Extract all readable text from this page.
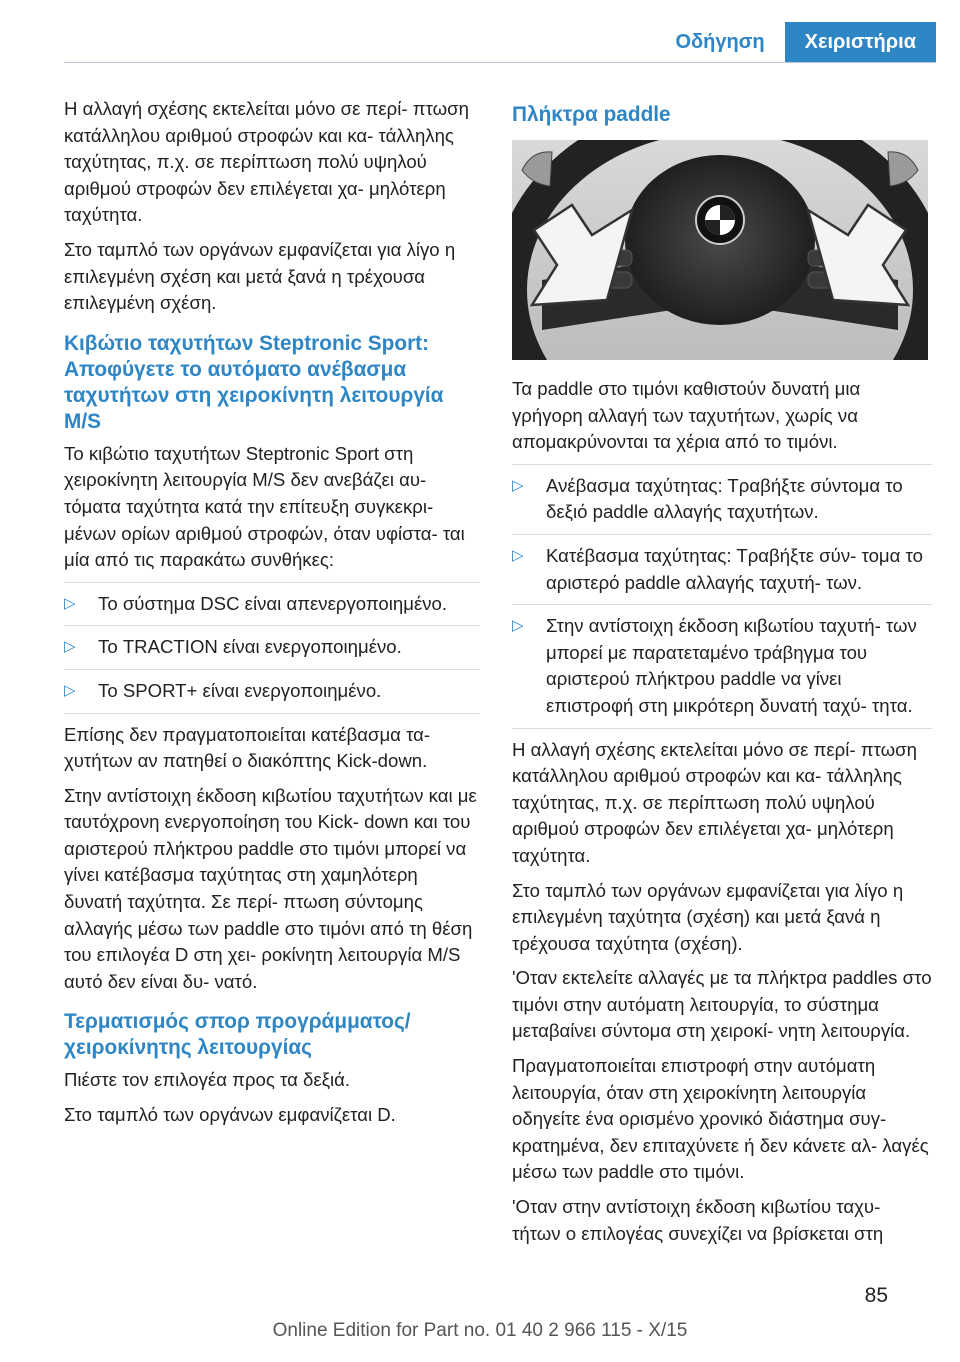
Οδήγηση	Χειριστήρια

Η αλλαγή σχέσης εκτελείται μόνο σε περί- πτωση κατάλληλου αριθμού στροφών και κα- τάλληλης ταχύτητας, π.χ. σε περίπτωση πολύ υψηλού αριθμού στροφών δεν επιλέγεται χα- μηλότερη ταχύτητα.

Στο ταμπλό των οργάνων εμφανίζεται για λίγο η επιλεγμένη σχέση και μετά ξανά η τρέχουσα επιλεγμένη σχέση.

Κιβώτιο ταχυτήτων Steptronic Sport: Αποφύγετε το αυτόματο ανέβασμα ταχυτήτων στη χειροκίνητη λειτουργία M/S

Το κιβώτιο ταχυτήτων Steptronic Sport στη χειροκίνητη λειτουργία M/S δεν ανεβάζει αυ- τόματα ταχύτητα κατά την επίτευξη συγκεκρι- μένων ορίων αριθμού στροφών, όταν υφίστα- ται μία από τις παρακάτω συνθήκες:

▷	Το σύστημα DSC είναι απενεργοποιημένο.
▷	Το TRACTION είναι ενεργοποιημένο.
▷	Το SPORT+ είναι ενεργοποιημένο.

Επίσης δεν πραγματοποιείται κατέβασμα τα- χυτήτων αν πατηθεί ο διακόπτης Kick-down.

Στην αντίστοιχη έκδοση κιβωτίου ταχυτήτων και με ταυτόχρονη ενεργοποίηση του Kick- down και του αριστερού πλήκτρου paddle στο τιμόνι μπορεί να γίνει κατέβασμα ταχύτητας στη χαμηλότερη δυνατή ταχύτητα. Σε περί- πτωση σύντομης αλλαγής μέσω των paddle στο τιμόνι από τη θέση του επιλογέα D στη χει- ροκίνητη λειτουργία M/S αυτό δεν είναι δυ- νατό.

Τερματισμός σπορ προγράμματος/ χειροκίνητης λειτουργίας

Πιέστε τον επιλογέα προς τα δεξιά.

Στο ταμπλό των οργάνων εμφανίζεται D.

Πλήκτρα paddle

Τα paddle στο τιμόνι καθιστούν δυνατή μια γρήγορη αλλαγή των ταχυτήτων, χωρίς να απομακρύνονται τα χέρια από το τιμόνι.

▷	Ανέβασμα ταχύτητας: Τραβήξτε σύντομα το δεξιό paddle αλλαγής ταχυτήτων.
▷	Κατέβασμα ταχύτητας: Τραβήξτε σύν- τομα το αριστερό paddle αλλαγής ταχυτή- των.
▷	Στην αντίστοιχη έκδοση κιβωτίου ταχυτή- των μπορεί με παρατεταμένο τράβηγμα του αριστερού πλήκτρου paddle να γίνει επιστροφή στη μικρότερη δυνατή ταχύ- τητα.

Η αλλαγή σχέσης εκτελείται μόνο σε περί- πτωση κατάλληλου αριθμού στροφών και κα- τάλληλης ταχύτητας, π.χ. σε περίπτωση πολύ υψηλού αριθμού στροφών δεν επιλέγεται χα- μηλότερη ταχύτητα.

Στο ταμπλό των οργάνων εμφανίζεται για λίγο η επιλεγμένη ταχύτητα (σχέση) και μετά ξανά η τρέχουσα ταχύτητα (σχέση).

'Οταν εκτελείτε αλλαγές με τα πλήκτρα paddles στο τιμόνι στην αυτόματη λειτουργία, το σύστημα μεταβαίνει σύντομα στη χειροκί- νητη λειτουργία.

Πραγματοποιείται επιστροφή στην αυτόματη λειτουργία, όταν στη χειροκίνητη λειτουργία οδηγείτε ένα ορισμένο χρονικό διάστημα συγ- κρατημένα, δεν επιταχύνετε ή δεν κάνετε αλ- λαγές μέσω των paddle στο τιμόνι.

'Οταν στην αντίστοιχη έκδοση κιβωτίου ταχυ- τήτων ο επιλογέας συνεχίζει να βρίσκεται στη

85
Online Edition for Part no. 01 40 2 966 115 - X/15
